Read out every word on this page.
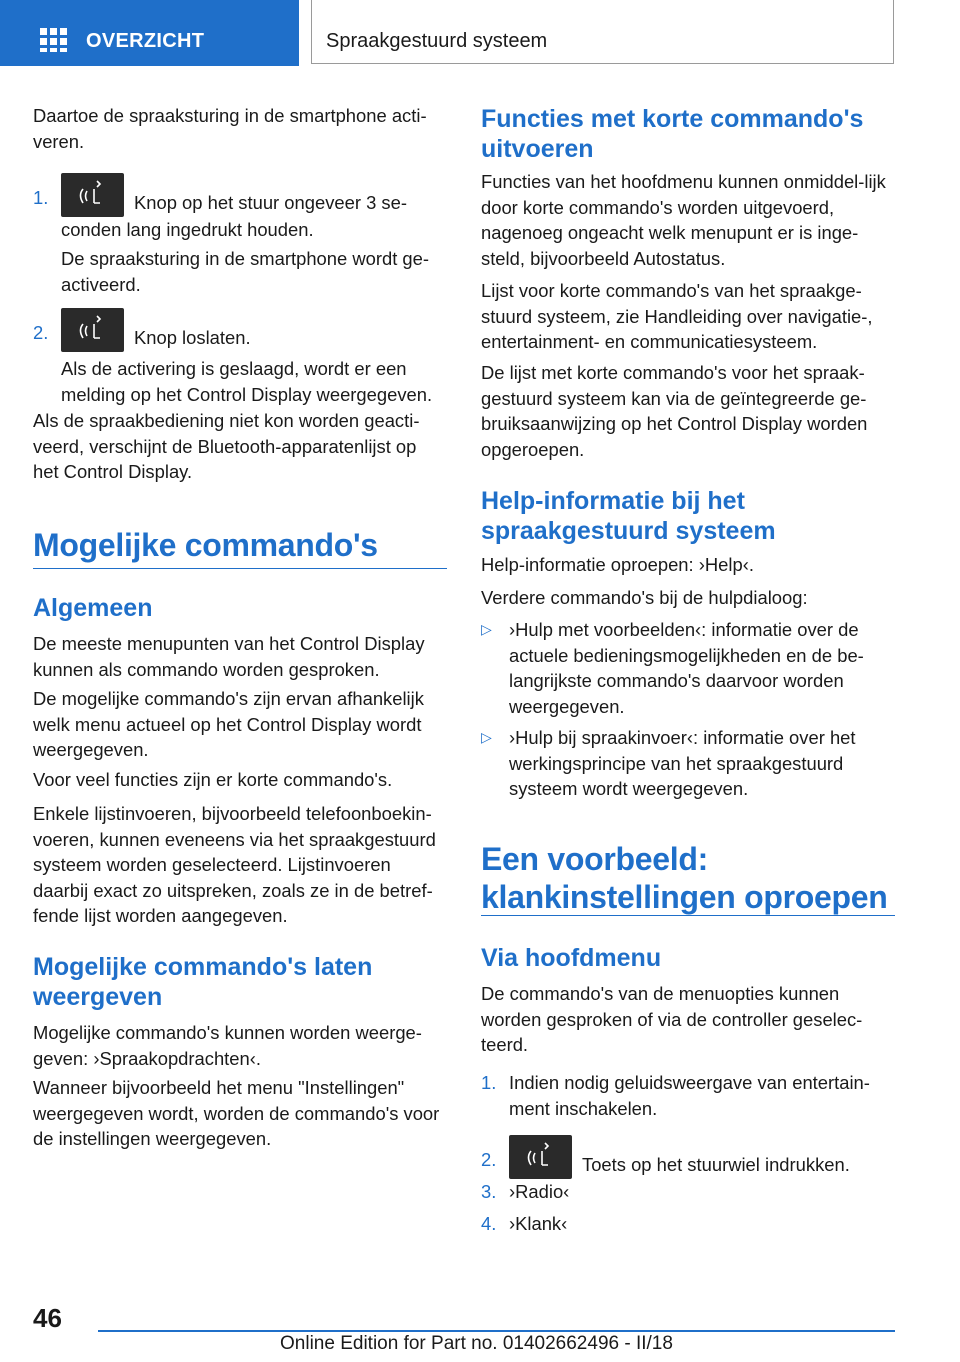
OVERZICHT	Spraakgestuurd systeem

Daartoe de spraaksturing in de smartphone acti-veren.

1.	Knop op het stuur ongeveer 3 se-conden lang ingedrukt houden.

De spraaksturing in de smartphone wordt ge-activeerd.

2.	Knop loslaten.

Als de activering is geslaagd, wordt er een melding op het Control Display weergegeven.

Als de spraakbediening niet kon worden geacti-veerd, verschijnt de Bluetooth-apparatenlijst op het Control Display.

Mogelijke commando's
Algemeen

De meeste menupunten van het Control Display kunnen als commando worden gesproken.

De mogelijke commando's zijn ervan afhankelijk welk menu actueel op het Control Display wordt weergegeven.

Voor veel functies zijn er korte commando's.

Enkele lijstinvoeren, bijvoorbeeld telefoonboekin-voeren, kunnen eveneens via het spraakgestuurd systeem worden geselecteerd. Lijstinvoeren daarbij exact zo uitspreken, zoals ze in de betref-fende lijst worden aangegeven.

Mogelijke commando's laten weergeven

Mogelijke commando's kunnen worden weerge-geven: ›Spraakopdrachten‹.

Wanneer bijvoorbeeld het menu "Instellingen" weergegeven wordt, worden de commando's voor de instellingen weergegeven.

Functies met korte commando's uitvoeren

Functies van het hoofdmenu kunnen onmiddel-lijk door korte commando's worden uitgevoerd, nagenoeg ongeacht welk menupunt er is inge-steld, bijvoorbeeld Autostatus.

Lijst voor korte commando's van het spraakge-stuurd systeem, zie Handleiding over navigatie-, entertainment- en communicatiesysteem.

De lijst met korte commando's voor het spraak-gestuurd systeem kan via de geïntegreerde ge-bruiksaanwijzing op het Control Display worden opgeroepen.

Help-informatie bij het spraakgestuurd systeem

Help-informatie oproepen: ›Help‹.

Verdere commando's bij de hulpdialoog:

▷ ›Hulp met voorbeelden‹: informatie over de actuele bedieningsmogelijkheden en de be-langrijkste commando's daarvoor worden weergegeven.

▷ ›Hulp bij spraakinvoer‹: informatie over het werkingsprincipe van het spraakgestuurd systeem wordt weergegeven.

Een voorbeeld: klankinstellingen oproepen
Via hoofdmenu

De commando's van de menuopties kunnen worden gesproken of via de controller geselec-teerd.

1. Indien nodig geluidsweergave van entertain-ment inschakelen.

2.	Toets op het stuurwiel indrukken.

3. ›Radio‹

4. ›Klank‹

46
Online Edition for Part no. 01402662496 - II/18
